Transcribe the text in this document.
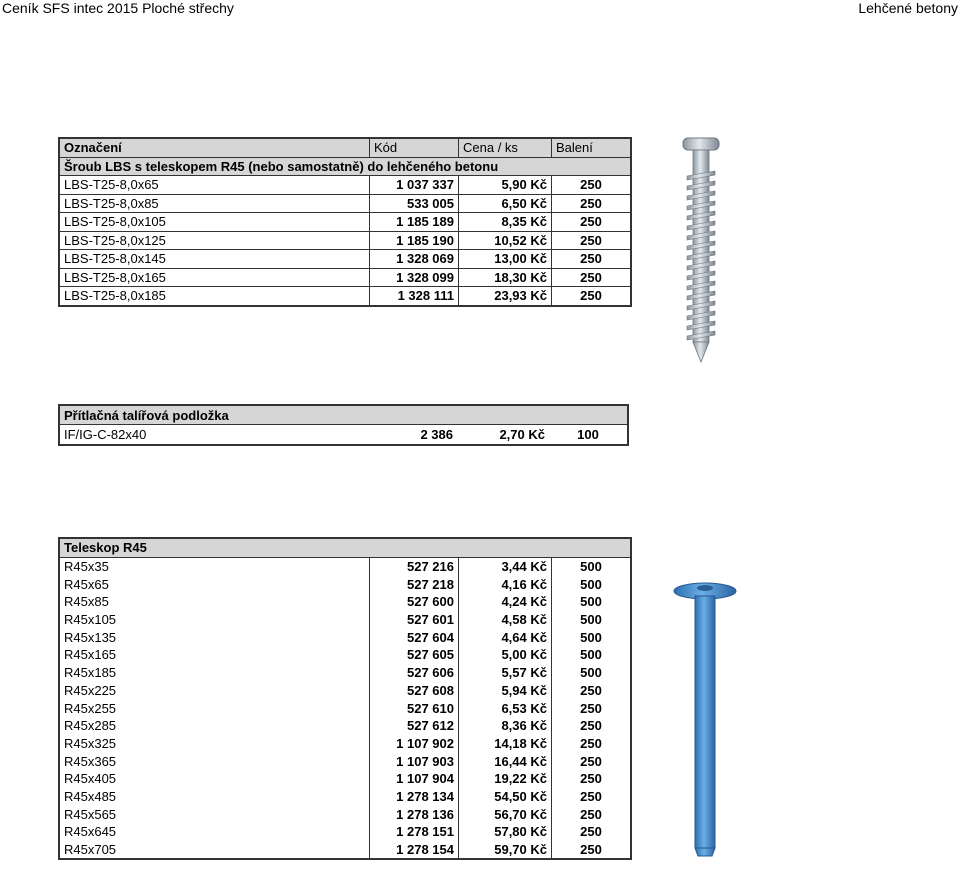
Ceník SFS intec 2015 Ploché střechy	Lehčené betony
Označení	Kód	Cena / ks	Balení
Šroub LBS s teleskopem R45 (nebo samostatně) do lehčeného betonu			
LBS-T25-8,0x65	1 037 337	5,90 Kč	250
LBS-T25-8,0x85	533 005	6,50 Kč	250
LBS-T25-8,0x105	1 185 189	8,35 Kč	250
LBS-T25-8,0x125	1 185 190	10,52 Kč	250
LBS-T25-8,0x145	1 328 069	13,00 Kč	250
LBS-T25-8,0x165	1 328 099	18,30 Kč	250
LBS-T25-8,0x185	1 328 111	23,93 Kč	250
Přítlačná talířová podložka
IF/IG-C-82x40	2 386	2,70 Kč	100
Teleskop R45			
R45x35	527 216	3,44 Kč	500
R45x65	527 218	4,16 Kč	500
R45x85	527 600	4,24 Kč	500
R45x105	527 601	4,58 Kč	500
R45x135	527 604	4,64 Kč	500
R45x165	527 605	5,00 Kč	500
R45x185	527 606	5,57 Kč	500
R45x225	527 608	5,94 Kč	250
R45x255	527 610	6,53 Kč	250
R45x285	527 612	8,36 Kč	250
R45x325	1 107 902	14,18 Kč	250
R45x365	1 107 903	16,44 Kč	250
R45x405	1 107 904	19,22 Kč	250
R45x485	1 278 134	54,50 Kč	250
R45x565	1 278 136	56,70 Kč	250
R45x645	1 278 151	57,80 Kč	250
R45x705	1 278 154	59,70 Kč	250
